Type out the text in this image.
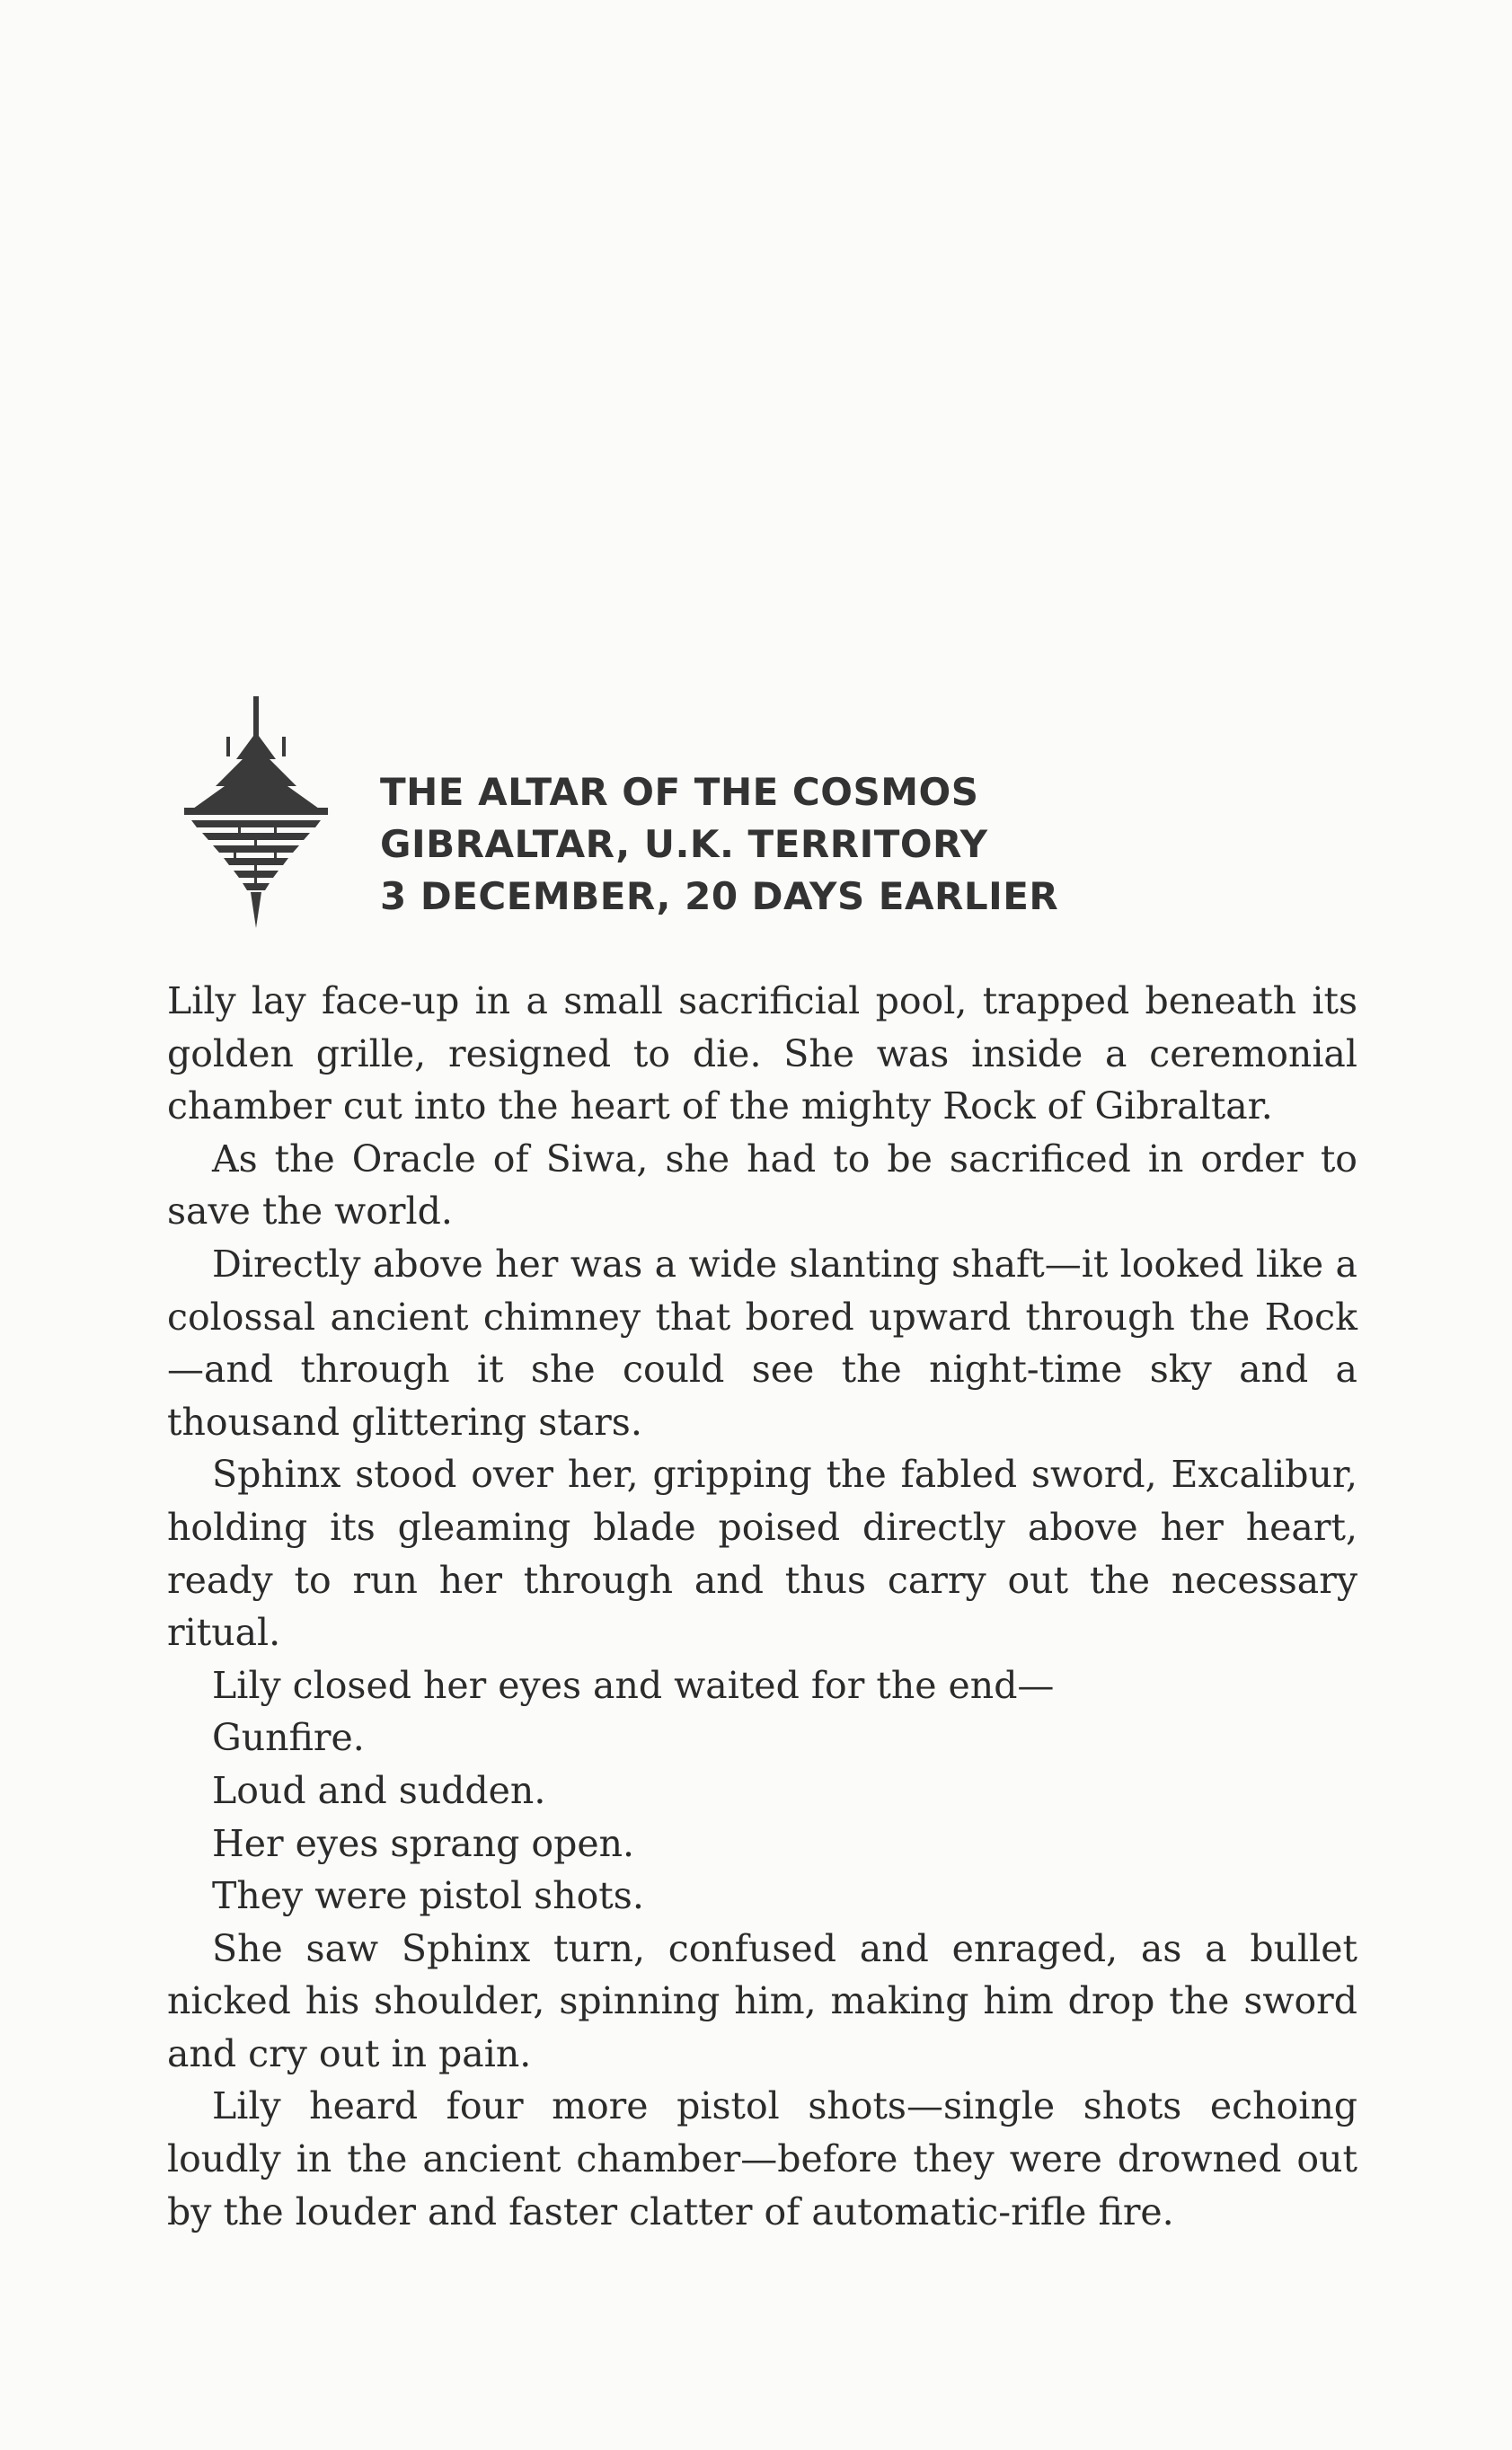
THE ALTAR OF THE COSMOS
GIBRALTAR, U.K. TERRITORY
3 DECEMBER, 20 DAYS EARLIER

Lily lay face-up in a small sacrificial pool, trapped beneath its golden grille, resigned to die. She was inside a ceremonial chamber cut into the heart of the mighty Rock of Gibraltar.

As the Oracle of Siwa, she had to be sacrificed in order to save the world.

Directly above her was a wide slanting shaft—it looked like a colossal ancient chimney that bored upward through the Rock—and through it she could see the night-time sky and a thousand glittering stars.

Sphinx stood over her, gripping the fabled sword, Excalibur, holding its gleaming blade poised directly above her heart, ready to run her through and thus carry out the necessary ritual.

Lily closed her eyes and waited for the end—

Gunfire.

Loud and sudden.

Her eyes sprang open.

They were pistol shots.

She saw Sphinx turn, confused and enraged, as a bullet nicked his shoulder, spinning him, making him drop the sword and cry out in pain.

Lily heard four more pistol shots—single shots echoing loudly in the ancient chamber—before they were drowned out by the louder and faster clatter of automatic-rifle fire.
